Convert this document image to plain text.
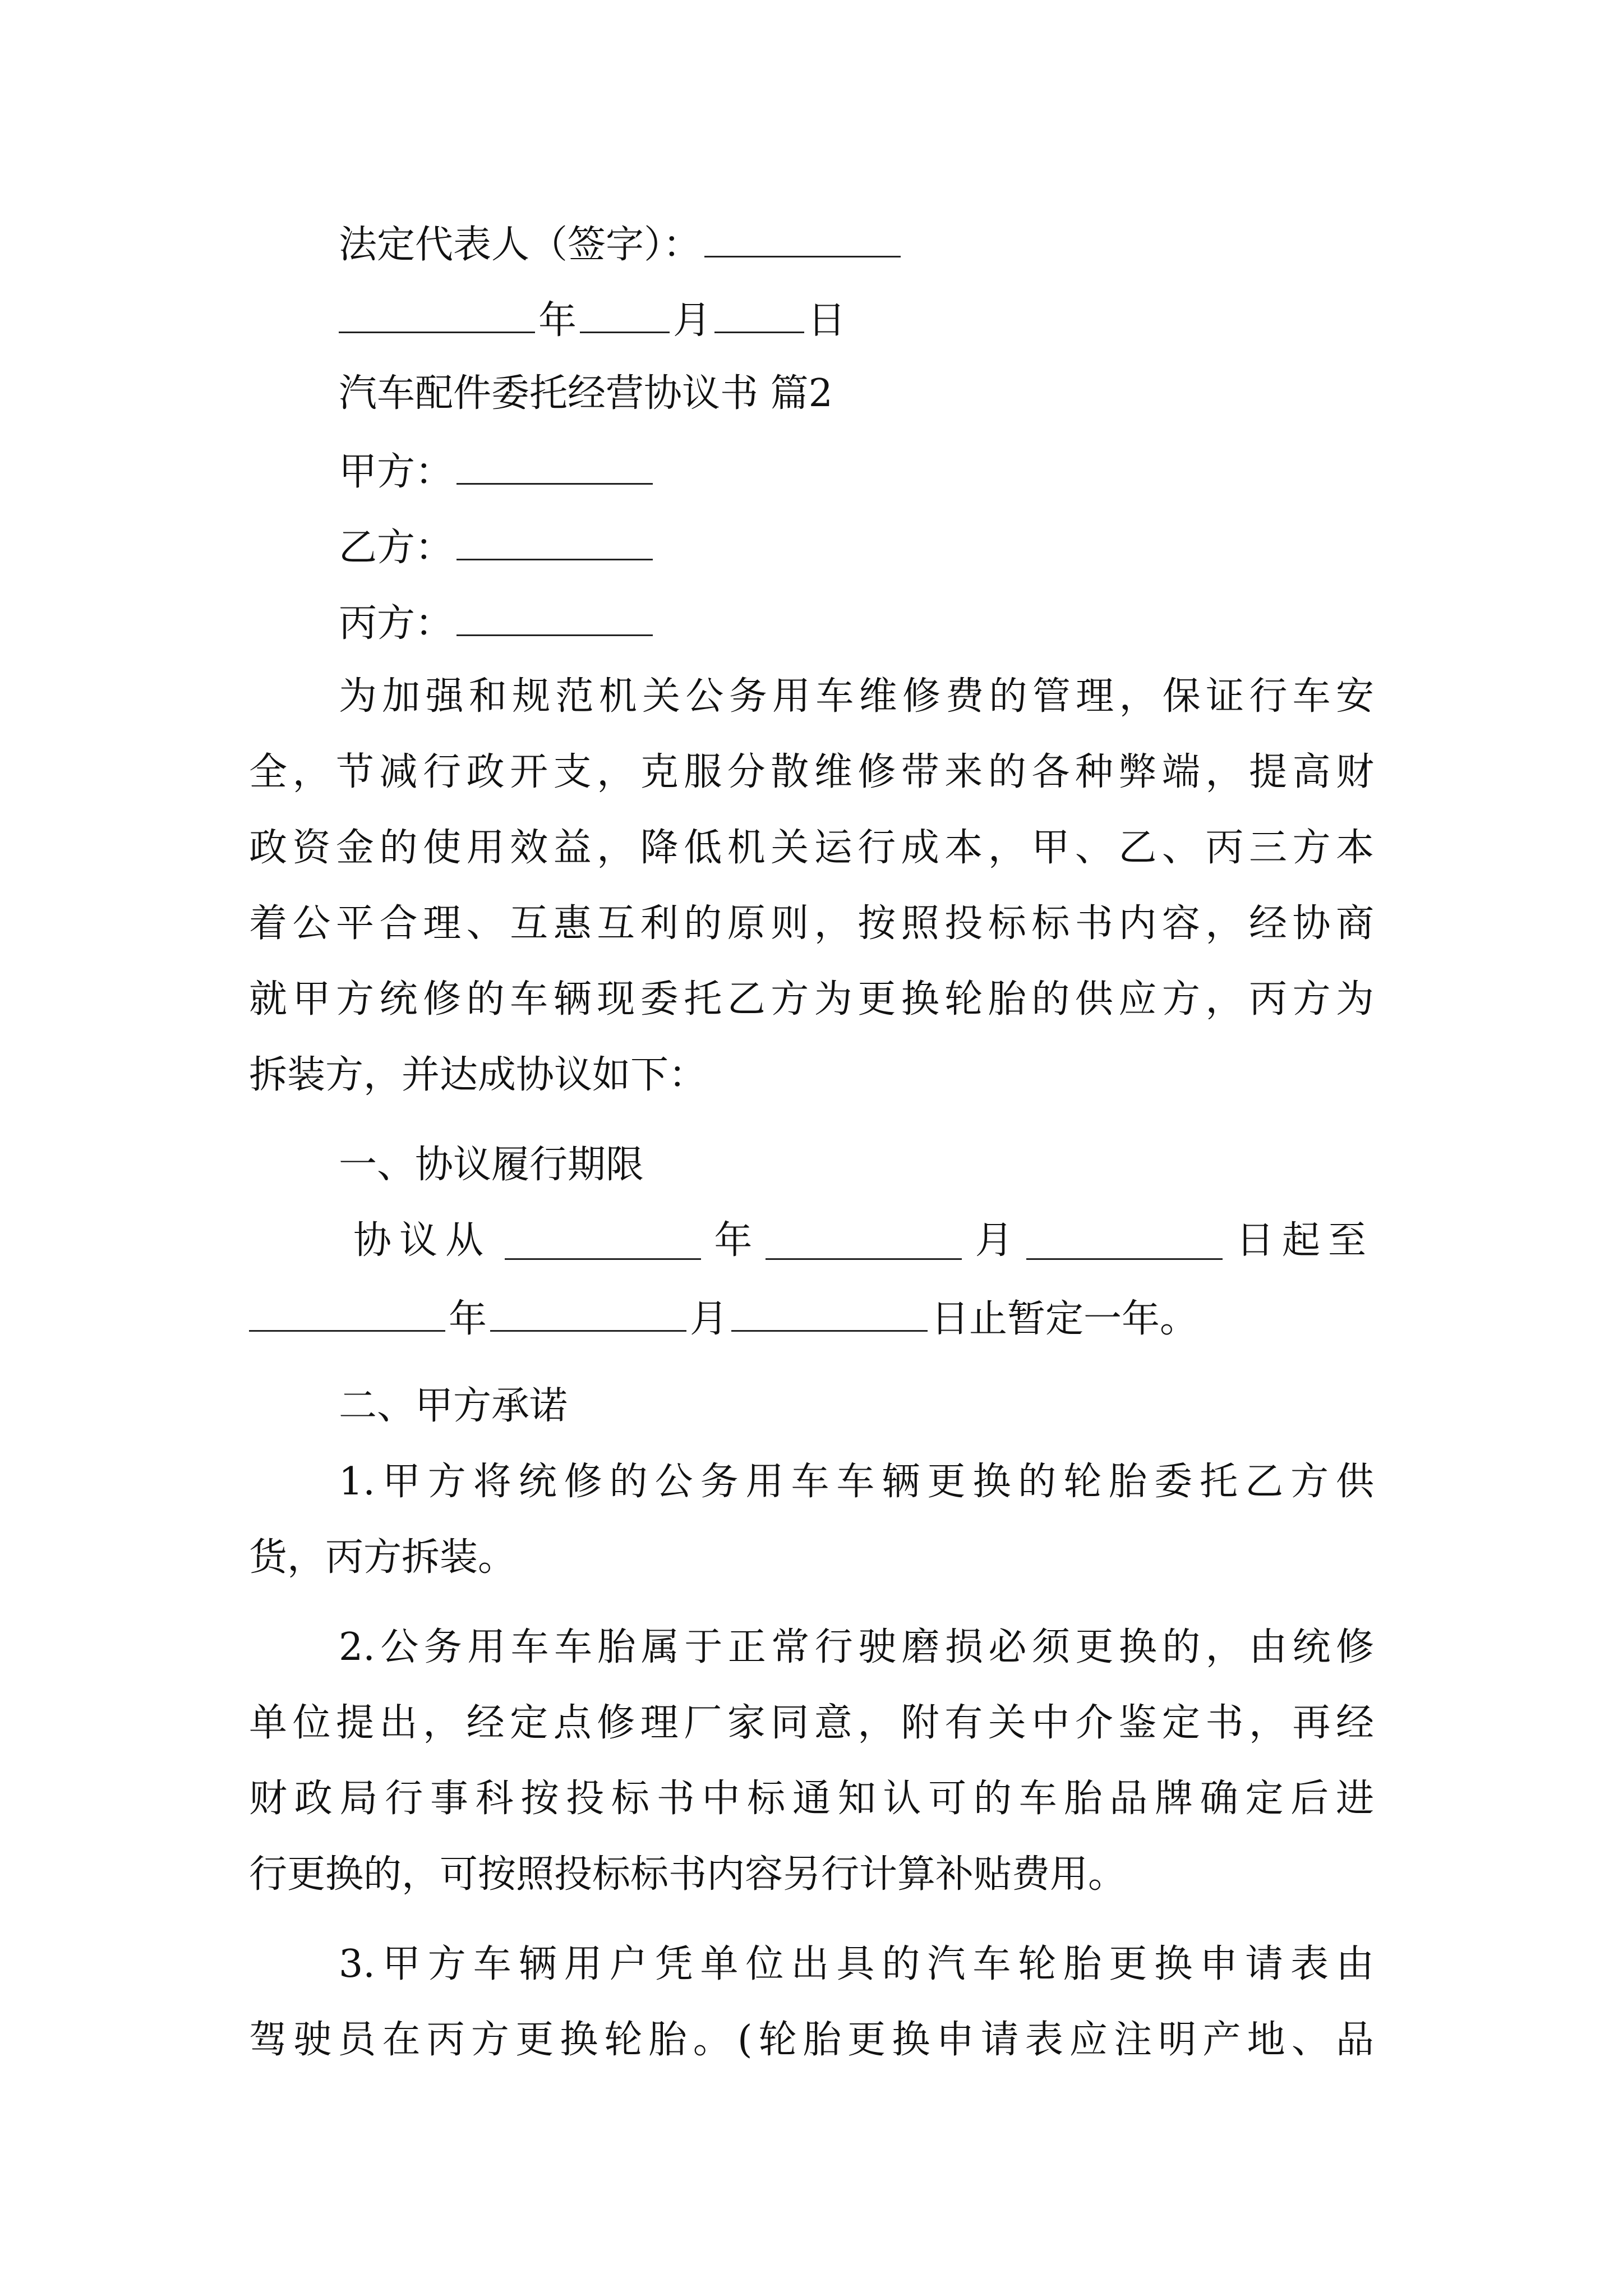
法定代表人（签字）：
年	月	日
汽车配件委托经营协议书 篇2
甲方：
乙方：
丙方：
为加强和规范机关公务用车维修费的管理，保证行车安
全，节减行政开支，克服分散维修带来的各种弊端，提高财
政资金的使用效益，降低机关运行成本，甲、乙、丙三方本
着公平合理、互惠互利的原则，按照投标标书内容，经协商
就甲方统修的车辆现委托乙方为更换轮胎的供应方，丙方为
拆装方，并达成协议如下：
一、协议履行期限
协议从	年	月	日起至
年	月	日止暂定一年。
二、甲方承诺
1.甲方将统修的公务用车车辆更换的轮胎委托乙方供
货，丙方拆装。
2.公务用车车胎属于正常行驶磨损必须更换的，由统修
单位提出，经定点修理厂家同意，附有关中介鉴定书，再经
财政局行事科按投标书中标通知认可的车胎品牌确定后进
行更换的，可按照投标标书内容另行计算补贴费用。
3.甲方车辆用户凭单位出具的汽车轮胎更换申请表由
驾驶员在丙方更换轮胎。(轮胎更换申请表应注明产地、品
